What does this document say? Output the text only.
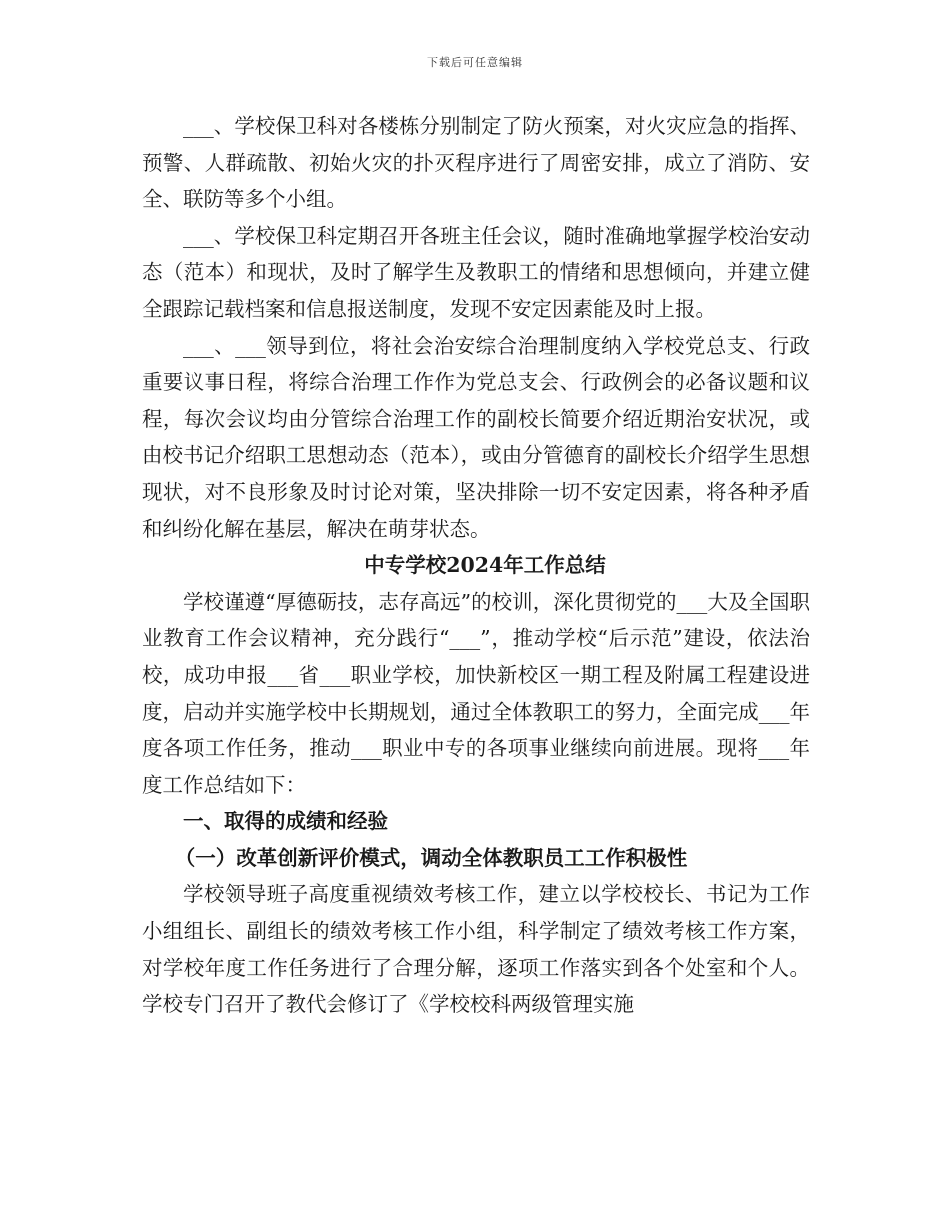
下载后可任意编辑

___、学校保卫科对各楼栋分别制定了防火预案，对火灾应急的指挥、预警、人群疏散、初始火灾的扑灭程序进行了周密安排，成立了消防、安全、联防等多个小组。

___、学校保卫科定期召开各班主任会议，随时准确地掌握学校治安动态（范本）和现状，及时了解学生及教职工的情绪和思想倾向，并建立健全跟踪记载档案和信息报送制度，发现不安定因素能及时上报。

___、___领导到位，将社会治安综合治理制度纳入学校党总支、行政重要议事日程，将综合治理工作作为党总支会、行政例会的必备议题和议程，每次会议均由分管综合治理工作的副校长简要介绍近期治安状况，或由校书记介绍职工思想动态（范本），或由分管德育的副校长介绍学生思想现状，对不良形象及时讨论对策，坚决排除一切不安定因素，将各种矛盾和纠纷化解在基层，解决在萌芽状态。

中专学校2024年工作总结

学校谨遵“厚德砺技，志存高远”的校训，深化贯彻党的___大及全国职业教育工作会议精神，充分践行“___”，推动学校“后示范”建设，依法治校，成功申报___省___职业学校，加快新校区一期工程及附属工程建设进度，启动并实施学校中长期规划，通过全体教职工的努力，全面完成___年度各项工作任务，推动___职业中专的各项事业继续向前进展。现将___年度工作总结如下：

一、取得的成绩和经验

（一）改革创新评价模式，调动全体教职员工工作积极性

学校领导班子高度重视绩效考核工作，建立以学校校长、书记为工作小组组长、副组长的绩效考核工作小组，科学制定了绩效考核工作方案，对学校年度工作任务进行了合理分解，逐项工作落实到各个处室和个人。学校专门召开了教代会修订了《学校校科两级管理实施
